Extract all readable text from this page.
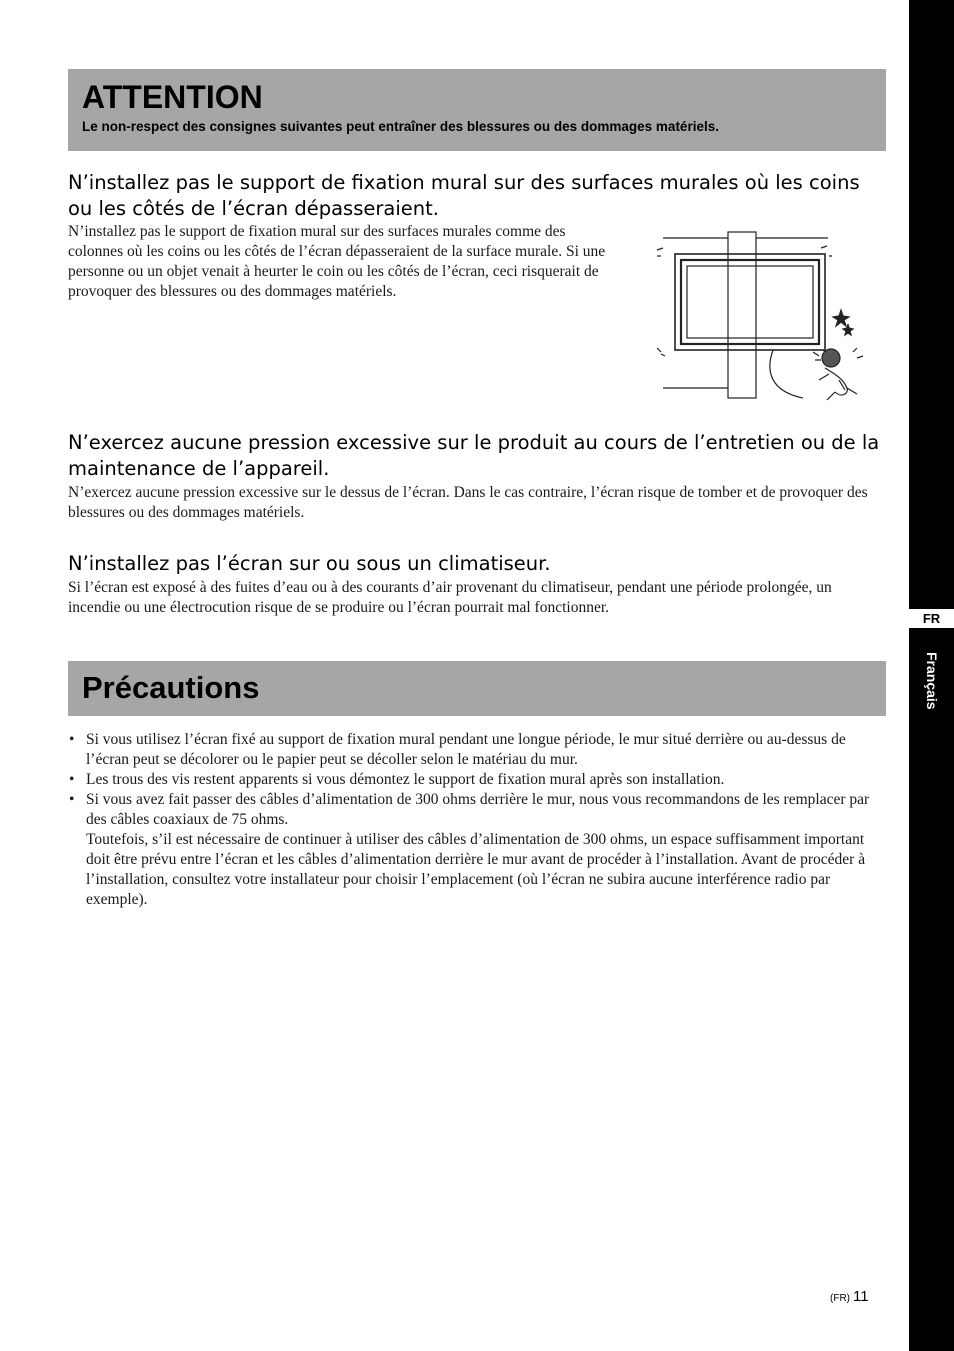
FR
Français
ATTENTION
Le non-respect des consignes suivantes peut entraîner des blessures ou des dommages matériels.
N’installez pas le support de fixation mural sur des surfaces murales où les coins ou les côtés de l’écran dépasseraient.
N’installez pas le support de fixation mural sur des surfaces murales comme des colonnes où les coins ou les côtés de l’écran dépasseraient de la surface murale. Si une personne ou un objet venait à heurter le coin ou les côtés de l’écran, ceci risquerait de provoquer des blessures ou des dommages matériels.
N’exercez aucune pression excessive sur le produit au cours de l’entretien ou de la maintenance de l’appareil.
N’exercez aucune pression excessive sur le dessus de l’écran. Dans le cas contraire, l’écran risque de tomber et de provoquer des blessures ou des dommages matériels.
N’installez pas l’écran sur ou sous un climatiseur.
Si l’écran est exposé à des fuites d’eau ou à des courants d’air provenant du climatiseur, pendant une période prolongée, un incendie ou une électrocution risque de se produire ou l’écran pourrait mal fonctionner.
Précautions
• Si vous utilisez l’écran fixé au support de fixation mural pendant une longue période, le mur situé derrière ou au-dessus de l’écran peut se décolorer ou le papier peut se décoller selon le matériau du mur.
• Les trous des vis restent apparents si vous démontez le support de fixation mural après son installation.
• Si vous avez fait passer des câbles d’alimentation de 300 ohms derrière le mur, nous vous recommandons de les remplacer par des câbles coaxiaux de 75 ohms.
Toutefois, s’il est nécessaire de continuer à utiliser des câbles d’alimentation de 300 ohms, un espace suffisamment important doit être prévu entre l’écran et les câbles d’alimentation derrière le mur avant de procéder à l’installation. Avant de procéder à l’installation, consultez votre installateur pour choisir l’emplacement (où l’écran ne subira aucune interférence radio par exemple).
(FR) 11
